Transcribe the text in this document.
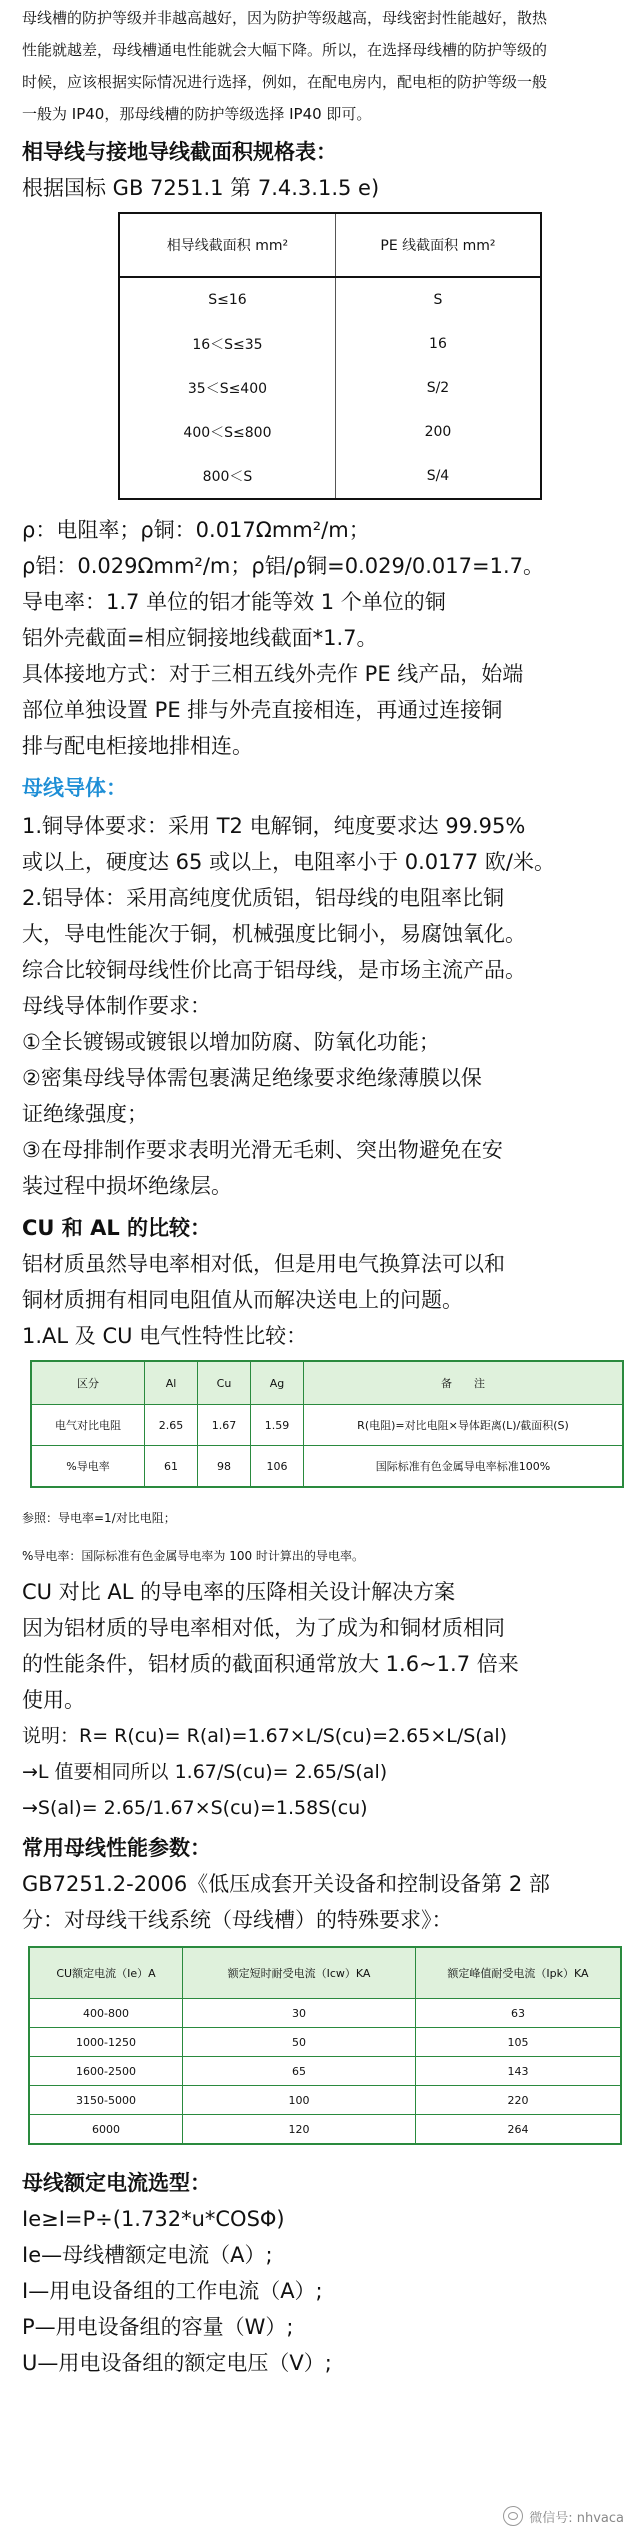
母线槽的防护等级并非越高越好，因为防护等级越高，母线密封性能越好，散热
性能就越差，母线槽通电性能就会大幅下降。所以，在选择母线槽的防护等级的
时候，应该根据实际情况进行选择，例如，在配电房内，配电柜的防护等级一般
一般为 IP40，那母线槽的防护等级选择 IP40 即可。
相导线与接地导线截面积规格表：
根据国标 GB 7251.1 第 7.4.3.1.5 e)
相导线截面积 mm²	PE 线截面积 mm²
S≤16	S
16＜S≤35	16
35＜S≤400	S/2
400＜S≤800	200
800＜S	S/4
ρ：电阻率；ρ铜：0.017Ωmm²/m；
ρ铝：0.029Ωmm²/m；ρ铝/ρ铜=0.029/0.017=1.7。
导电率：1.7 单位的铝才能等效 1 个单位的铜
铝外壳截面=相应铜接地线截面*1.7。
具体接地方式：对于三相五线外壳作 PE 线产品，始端
部位单独设置 PE 排与外壳直接相连，再通过连接铜
排与配电柜接地排相连。
母线导体：
1.铜导体要求：采用 T2 电解铜，纯度要求达 99.95%
或以上，硬度达 65 或以上，电阻率小于 0.0177 欧/米。
2.铝导体：采用高纯度优质铝，铝母线的电阻率比铜
大，导电性能次于铜，机械强度比铜小，易腐蚀氧化。
综合比较铜母线性价比高于铝母线，是市场主流产品。
母线导体制作要求：
①全长镀锡或镀银以增加防腐、防氧化功能；
②密集母线导体需包裹满足绝缘要求绝缘薄膜以保
证绝缘强度；
③在母排制作要求表明光滑无毛刺、突出物避免在安
装过程中损坏绝缘层。
CU 和 AL 的比较：
铝材质虽然导电率相对低，但是用电气换算法可以和
铜材质拥有相同电阻值从而解决送电上的问题。
1.AL 及 CU 电气性特性比较：
区分	Al	Cu	Ag	备　　注
电气对比电阻	2.65	1.67	1.59	R(电阻)=对比电阻×导体距离(L)/截面积(S)
%导电率	61	98	106	国际标准有色金属导电率标准100%
参照：导电率=1/对比电阻；
%导电率：国际标准有色金属导电率为 100 时计算出的导电率。
CU 对比 AL 的导电率的压降相关设计解决方案
因为铝材质的导电率相对低，为了成为和铜材质相同
的性能条件，铝材质的截面积通常放大 1.6~1.7 倍来
使用。
说明：R= R(cu)= R(al)=1.67×L/S(cu)=2.65×L/S(al)
→L 值要相同所以 1.67/S(cu)= 2.65/S(al)
→S(al)= 2.65/1.67×S(cu)=1.58S(cu)
常用母线性能参数：
GB7251.2-2006《低压成套开关设备和控制设备第 2 部
分：对母线干线系统（母线槽）的特殊要求》：
CU额定电流（Ie）A	额定短时耐受电流（Icw）KA	额定峰值耐受电流（Ipk）KA
400-800	30	63
1000-1250	50	105
1600-2500	65	143
3150-5000	100	220
6000	120	264
母线额定电流选型：
Ie≥I=P÷(1.732*u*COSΦ)
Ie—母线槽额定电流（A）;
I—用电设备组的工作电流（A）;
P—用电设备组的容量（W）;
U—用电设备组的额定电压（V）;
微信号: nhvaca
